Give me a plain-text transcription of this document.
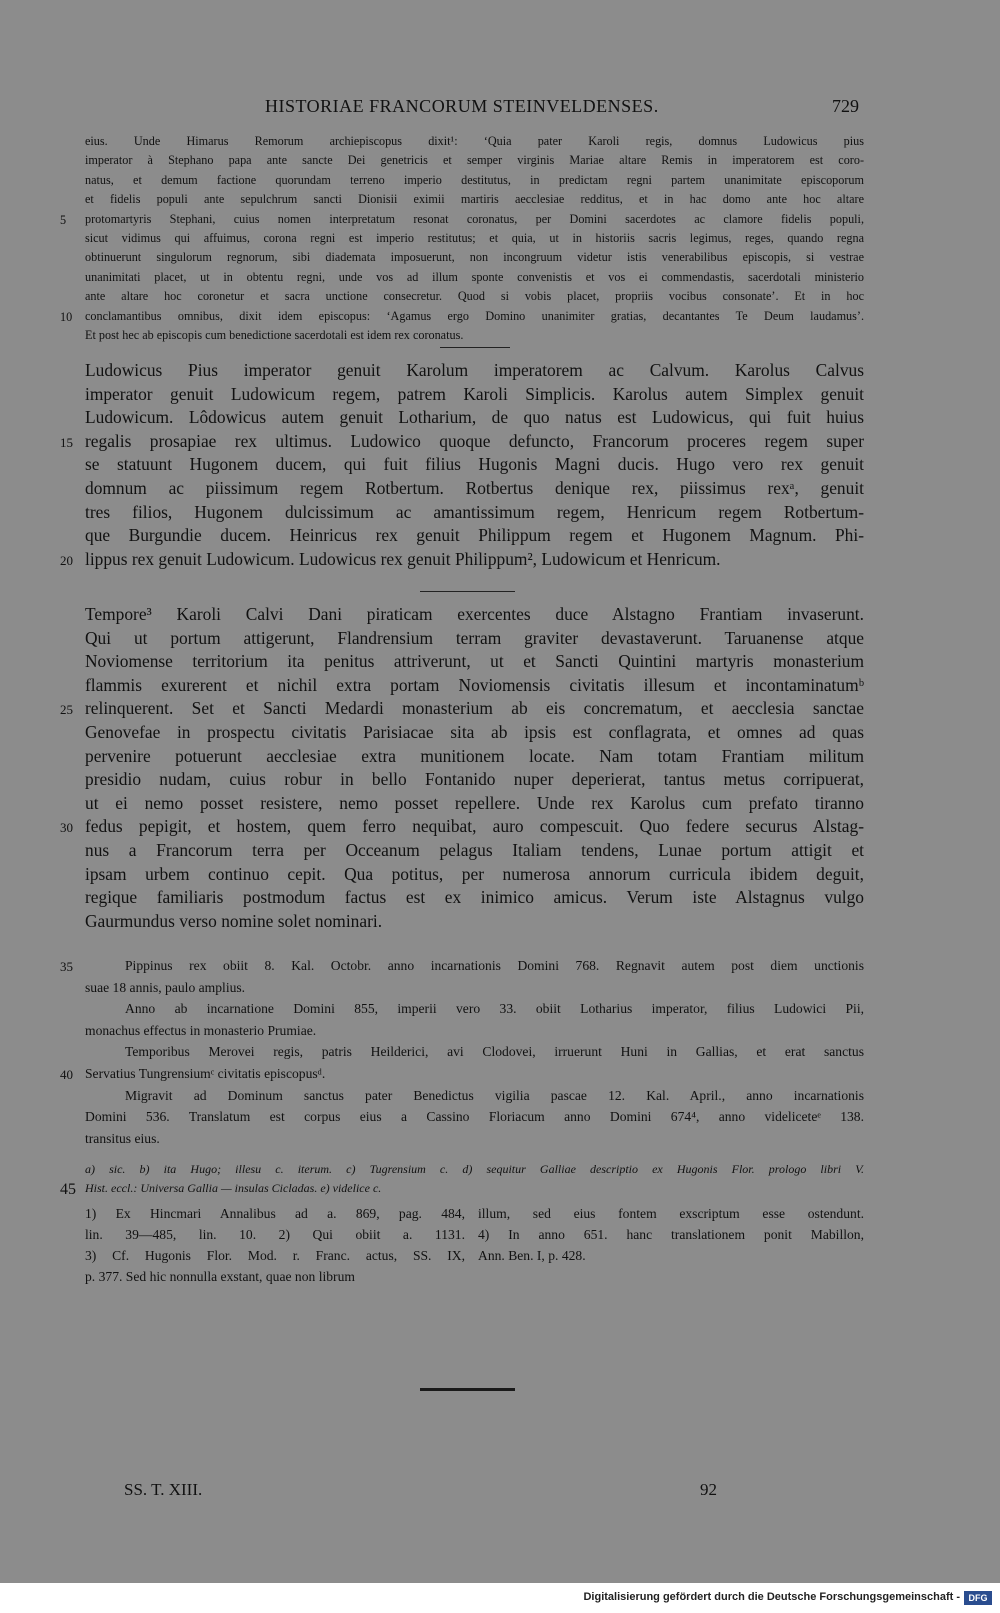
HISTORIAE FRANCORUM STEINVELDENSES.	729
eius. Unde Himarus Remorum archiepiscopus dixit¹: ‘Quia pater Karoli regis, domnus Ludowicus pius
imperator à Stephano papa ante sancte Dei genetricis et semper virginis Mariae altare Remis in imperatorem est coro-
natus, et demum factione quorundam terreno imperio destitutus, in predictam regni partem unanimitate episcoporum
et fidelis populi ante sepulchrum sancti Dionisii eximii martiris aecclesiae redditus, et in hac domo ante hoc altare
5	protomartyris Stephani, cuius nomen interpretatum resonat coronatus, per Domini sacerdotes ac clamore fidelis populi,
sicut vidimus qui affuimus, corona regni est imperio restitutus; et quia, ut in historiis sacris legimus, reges, quando regna
obtinuerunt singulorum regnorum, sibi diademata imposuerunt, non incongruum videtur istis venerabilibus episcopis, si vestrae
unanimitati placet, ut in obtentu regni, unde vos ad illum sponte convenistis et vos ei commendastis, sacerdotali ministerio
ante altare hoc coronetur et sacra unctione consecretur. Quod si vobis placet, propriis vocibus consonate’. Et in hoc
10	conclamantibus omnibus, dixit idem episcopus: ‘Agamus ergo Domino unanimiter gratias, decantantes Te Deum laudamus’.
Et post hec ab episcopis cum benedictione sacerdotali est idem rex coronatus.
Ludowicus Pius imperator genuit Karolum imperatorem ac Calvum. Karolus Calvus
imperator genuit Ludowicum regem, patrem Karoli Simplicis. Karolus autem Simplex genuit
Ludowicum. Lôdowicus autem genuit Lotharium, de quo natus est Ludowicus, qui fuit huius
15 regalis prosapiae rex ultimus. Ludowico quoque defuncto, Francorum proceres regem super
se statuunt Hugonem ducem, qui fuit filius Hugonis Magni ducis. Hugo vero rex genuit
domnum ac piissimum regem Rotbertum. Rotbertus denique rex, piissimus rexᵃ, genuit
tres filios, Hugonem dulcissimum ac amantissimum regem, Henricum regem Rotbertum-
que Burgundie ducem. Heinricus rex genuit Philippum regem et Hugonem Magnum. Phi-
20 lippus rex genuit Ludowicum. Ludowicus rex genuit Philippum², Ludowicum et Henricum.
Tempore³ Karoli Calvi Dani piraticam exercentes duce Alstagno Frantiam invaserunt.
Qui ut portum attigerunt, Flandrensium terram graviter devastaverunt. Taruanense atque
Noviomense territorium ita penitus attriverunt, ut et Sancti Quintini martyris monasterium
flammis exurerent et nichil extra portam Noviomensis civitatis illesum et incontaminatumᵇ
25 relinquerent. Set et Sancti Medardi monasterium ab eis concrematum, et aecclesia sanctae
Genovefae in prospectu civitatis Parisiacae sita ab ipsis est conflagrata, et omnes ad quas
pervenire potuerunt aecclesiae extra munitionem locate. Nam totam Frantiam militum
presidio nudam, cuius robur in bello Fontanido nuper deperierat, tantus metus corripuerat,
ut ei nemo posset resistere, nemo posset repellere. Unde rex Karolus cum prefato tiranno
30 fedus pepigit, et hostem, quem ferro nequibat, auro compescuit. Quo federe securus Alstag-
nus a Francorum terra per Occeanum pelagus Italiam tendens, Lunae portum attigit et
ipsam urbem continuo cepit. Qua potitus, per numerosa annorum curricula ibidem deguit,
regique familiaris postmodum factus est ex inimico amicus. Verum iste Alstagnus vulgo
Gaurmundus verso nomine solet nominari.
35	Pippinus rex obiit 8. Kal. Octobr. anno incarnationis Domini 768. Regnavit autem post diem unctionis
suae 18 annis, paulo amplius.
Anno ab incarnatione Domini 855, imperii vero 33. obiit Lotharius imperator, filius Ludowici Pii,
monachus effectus in monasterio Prumiae.
Temporibus Merovei regis, patris Heilderici, avi Clodovei, irruerunt Huni in Gallias, et erat sanctus
40 Servatius Tungrensiumᶜ civitatis episcopusᵈ.
Migravit ad Dominum sanctus pater Benedictus vigilia pascae 12. Kal. April., anno incarnationis
Domini 536. Translatum est corpus eius a Cassino Floriacum anno Domini 674⁴, anno videliceteᵉ 138.
transitus eius.
a) sic. b) ita Hugo; illesu c. iterum. c) Tugrensium c. d) sequitur Galliae descriptio ex Hugonis Flor. prologo libri V.
45 Hist. eccl.: Universa Gallia — insulas Cicladas. e) videlice c.
1) Ex Hincmari Annalibus ad a. 869, pag. 484,
lin. 39—485, lin. 10. 2) Qui obiit a. 1131.
3) Cf. Hugonis Flor. Mod. r. Franc. actus, SS. IX,
p. 377. Sed hic nonnulla exstant, quae non librum
illum, sed eius fontem exscriptum esse ostendunt.
4) In anno 651. hanc translationem ponit Mabillon,
Ann. Ben. I, p. 428.
SS. T. XIII.	92
Digitalisierung gefördert durch die Deutsche Forschungsgemeinschaft - DFG
